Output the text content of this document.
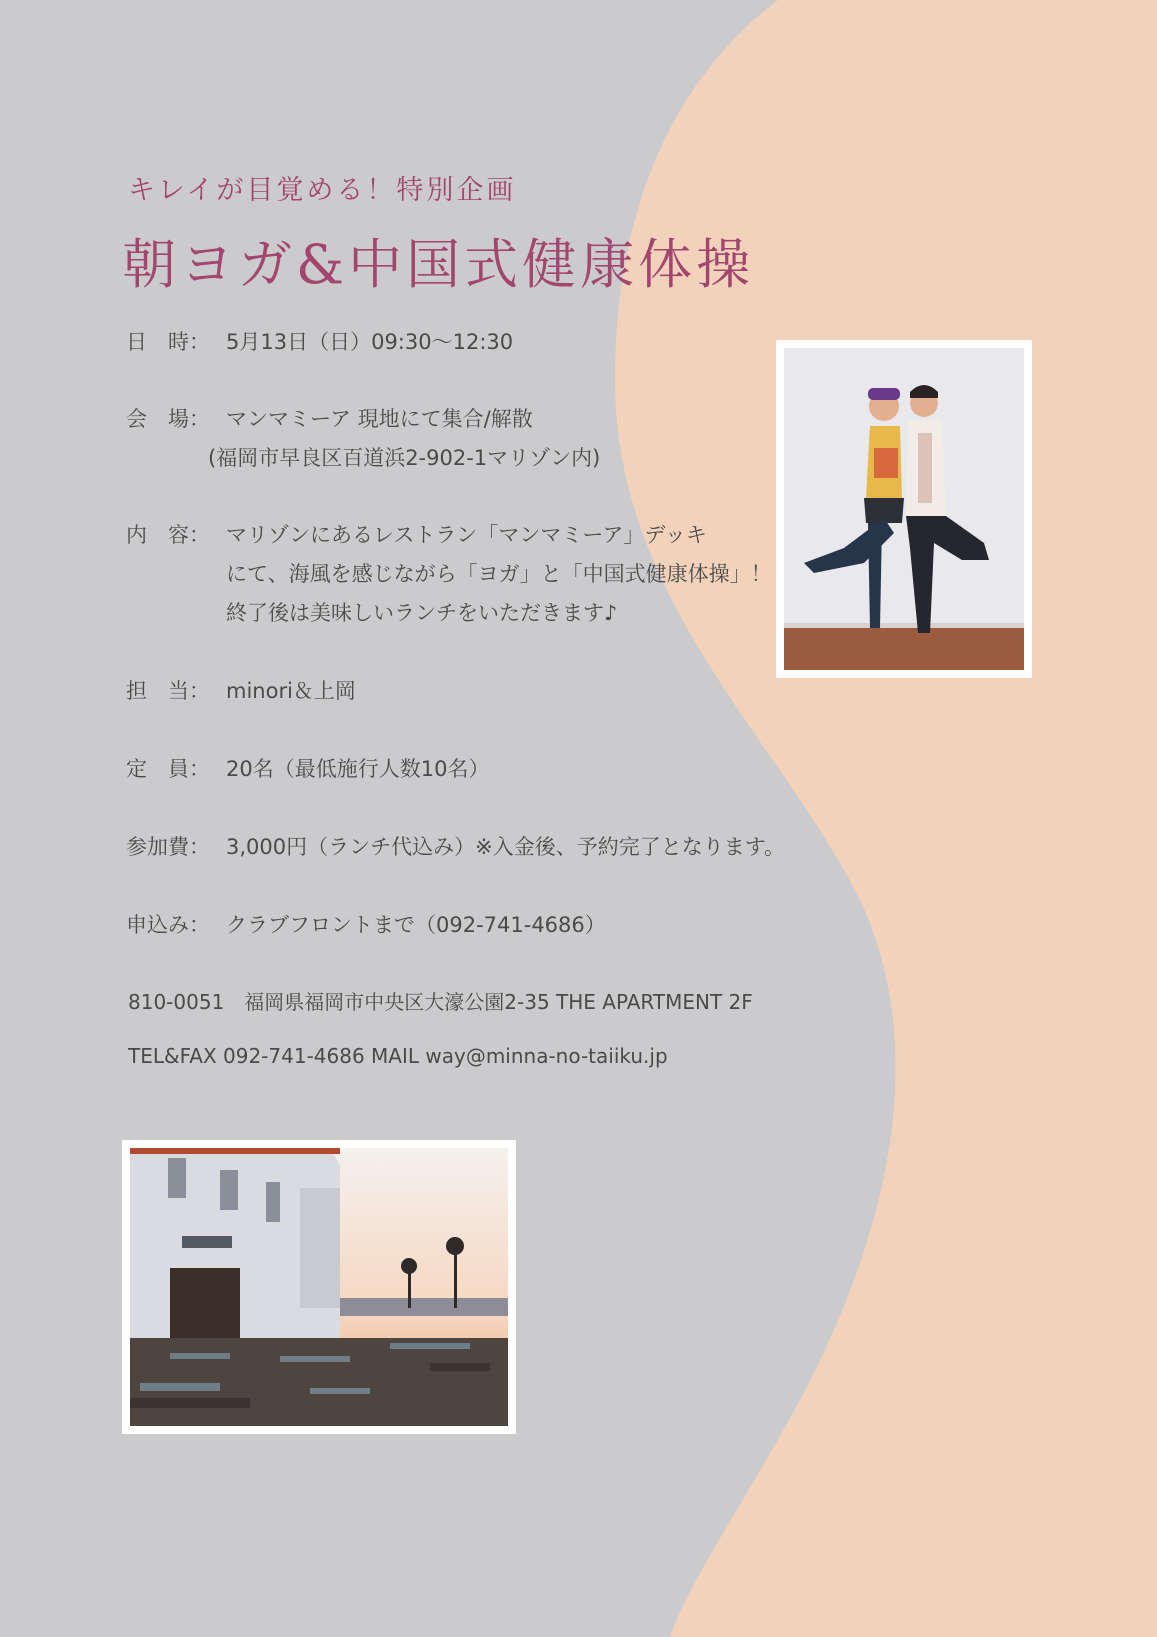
キレイが目覚める！特別企画
朝ヨガ&中国式健康体操
日　時： 5月13日（日）09:30〜12:30
会　場： マンマミーア 現地にて集合/解散
(福岡市早良区百道浜2-902-1マリゾン内)
内　容： マリゾンにあるレストラン「マンマミーア」デッキ
にて、海風を感じながら「ヨガ」と「中国式健康体操」！
終了後は美味しいランチをいただきます♪
担　当： minori＆上岡
定　員： 20名（最低施行人数10名）
参加費： 3,000円（ランチ代込み）※入金後、予約完了となります。
申込み： クラブフロントまで（092-741-4686）
810-0051　福岡県福岡市中央区大濠公園2-35 THE APARTMENT 2F
TEL&FAX 092-741-4686 MAIL way@minna-no-taiiku.jp
